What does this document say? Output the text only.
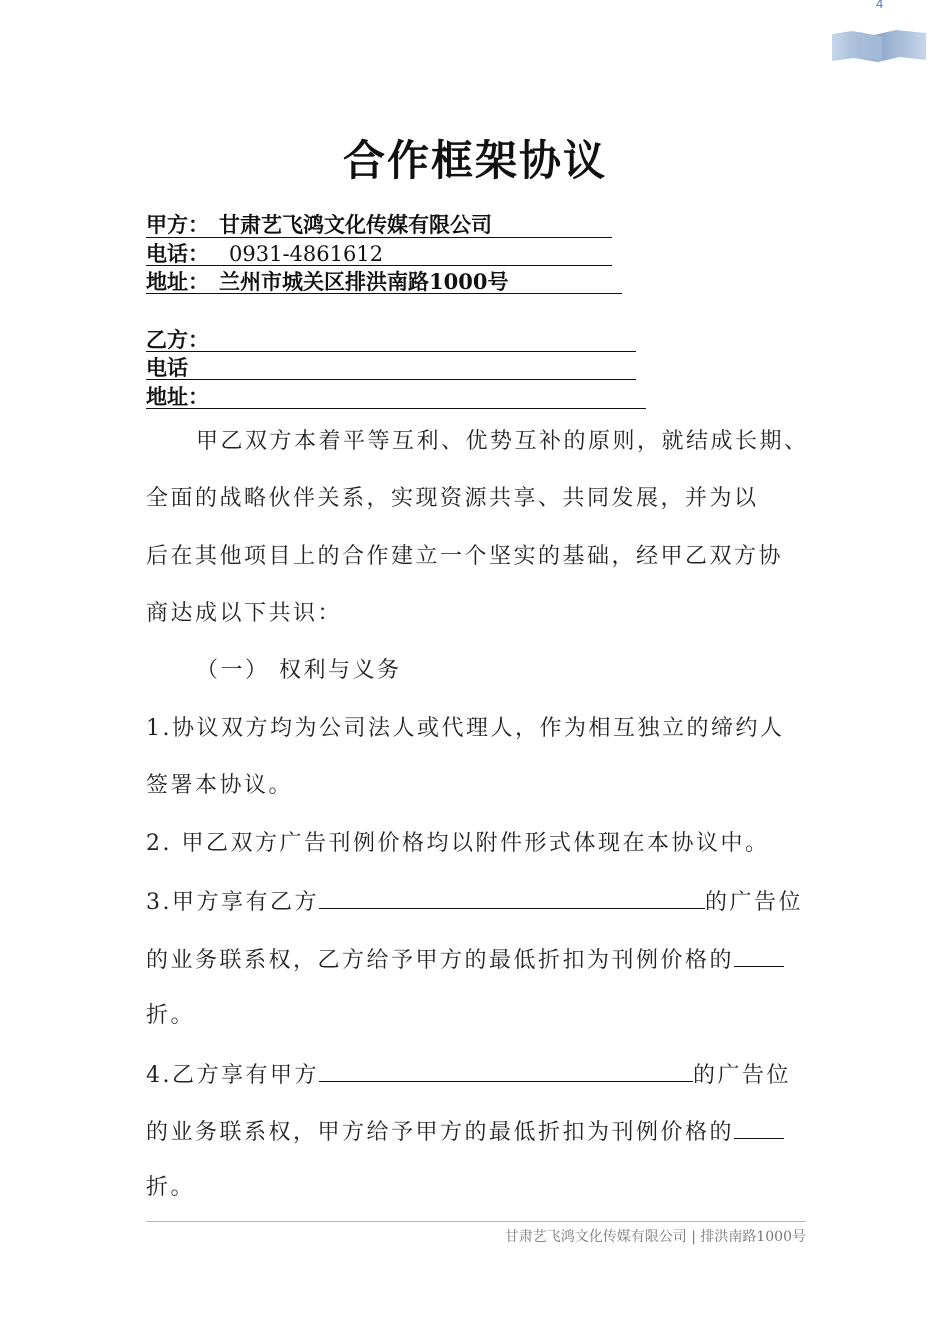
4
合作框架协议
甲方： 甘肃艺飞鸿文化传媒有限公司
电话： 0931-4861612
地址： 兰州市城关区排洪南路1000号
乙方：
电话
地址：
甲乙双方本着平等互利、优势互补的原则，就结成长期、
全面的战略伙伴关系，实现资源共享、共同发展，并为以
后在其他项目上的合作建立一个坚实的基础，经甲乙双方协
商达成以下共识：
（一） 权利与义务
1.协议双方均为公司法人或代理人，作为相互独立的缔约人
签署本协议。
2. 甲乙双方广告刊例价格均以附件形式体现在本协议中。
3.甲方享有乙方	的广告位
的业务联系权，乙方给予甲方的最低折扣为刊例价格的
折。
4.乙方享有甲方	的广告位
的业务联系权，甲方给予甲方的最低折扣为刊例价格的
折。
甘肃艺飞鸿文化传媒有限公司 | 排洪南路1000号
